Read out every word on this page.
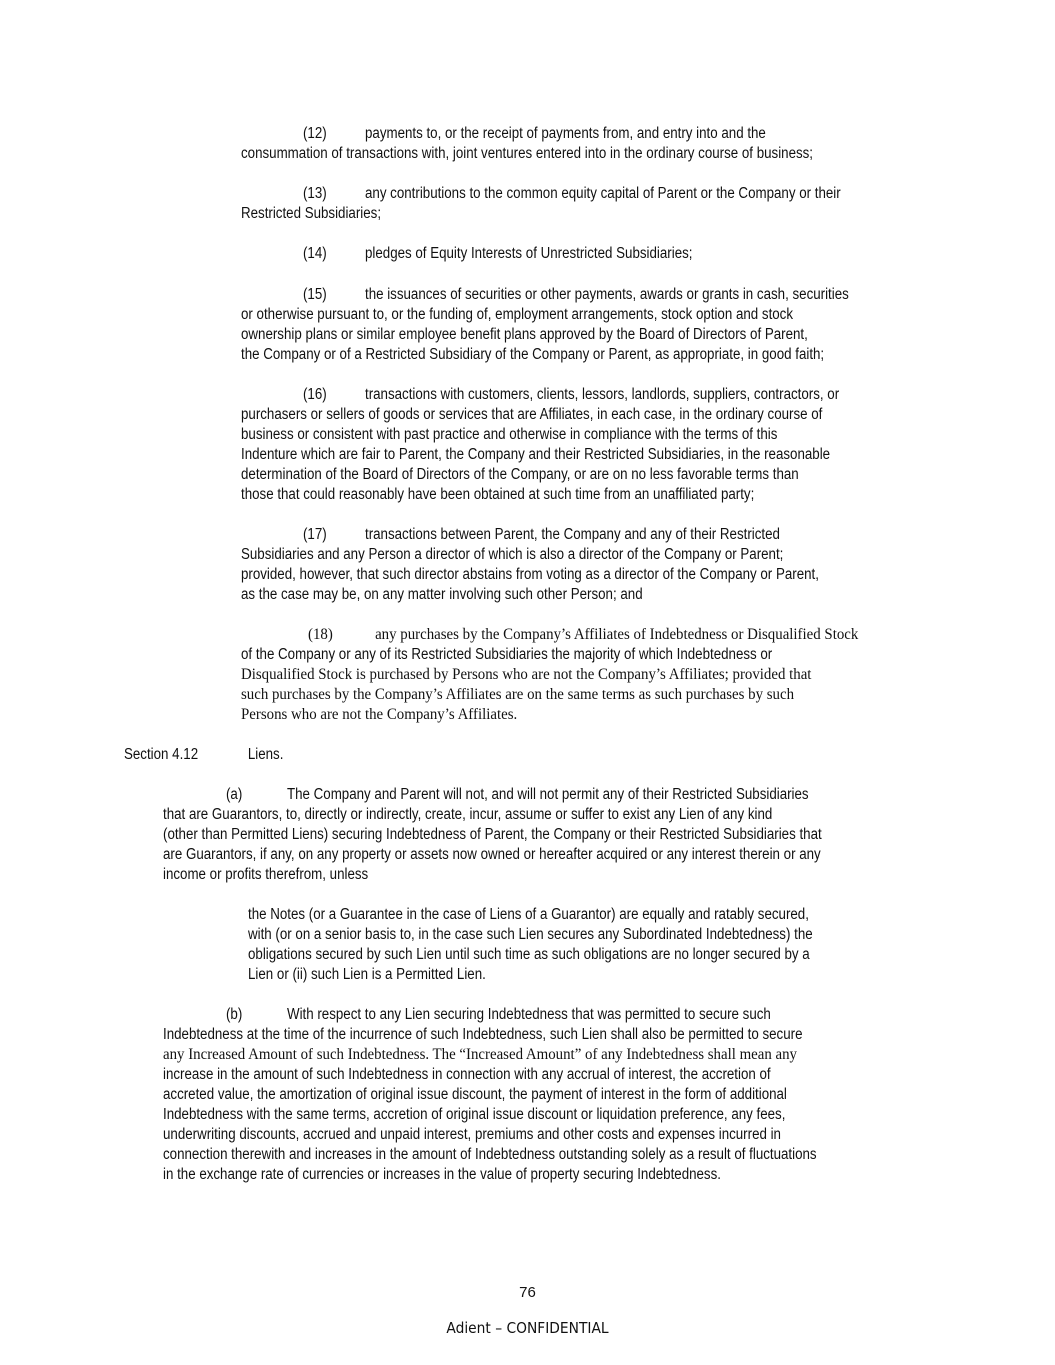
(12) payments to, or the receipt of payments from, and entry into and the
consummation of transactions with, joint ventures entered into in the ordinary course of business;
(13) any contributions to the common equity capital of Parent or the Company or their
Restricted Subsidiaries;
(14) pledges of Equity Interests of Unrestricted Subsidiaries;
(15) the issuances of securities or other payments, awards or grants in cash, securities
or otherwise pursuant to, or the funding of, employment arrangements, stock option and stock
ownership plans or similar employee benefit plans approved by the Board of Directors of Parent,
the Company or of a Restricted Subsidiary of the Company or Parent, as appropriate, in good faith;
(16) transactions with customers, clients, lessors, landlords, suppliers, contractors, or
purchasers or sellers of goods or services that are Affiliates, in each case, in the ordinary course of
business or consistent with past practice and otherwise in compliance with the terms of this
Indenture which are fair to Parent, the Company and their Restricted Subsidiaries, in the reasonable
determination of the Board of Directors of the Company, or are on no less favorable terms than
those that could reasonably have been obtained at such time from an unaffiliated party;
(17) transactions between Parent, the Company and any of their Restricted
Subsidiaries and any Person a director of which is also a director of the Company or Parent;
provided, however, that such director abstains from voting as a director of the Company or Parent,
as the case may be, on any matter involving such other Person; and
(18)	any purchases by the Company’s Affiliates of Indebtedness or Disqualified Stock
of the Company or any of its Restricted Subsidiaries the majority of which Indebtedness or
Disqualified Stock is purchased by Persons who are not the Company’s Affiliates; provided that
such purchases by the Company’s Affiliates are on the same terms as such purchases by such
Persons who are not the Company’s Affiliates.
Section 4.12	Liens.
(a)	The Company and Parent will not, and will not permit any of their Restricted Subsidiaries
that are Guarantors, to, directly or indirectly, create, incur, assume or suffer to exist any Lien of any kind
(other than Permitted Liens) securing Indebtedness of Parent, the Company or their Restricted Subsidiaries that
are Guarantors, if any, on any property or assets now owned or hereafter acquired or any interest therein or any
income or profits therefrom, unless
the Notes (or a Guarantee in the case of Liens of a Guarantor) are equally and ratably secured,
with (or on a senior basis to, in the case such Lien secures any Subordinated Indebtedness) the
obligations secured by such Lien until such time as such obligations are no longer secured by a
Lien or (ii) such Lien is a Permitted Lien.
(b)	With respect to any Lien securing Indebtedness that was permitted to secure such
Indebtedness at the time of the incurrence of such Indebtedness, such Lien shall also be permitted to secure
any Increased Amount of such Indebtedness. The “Increased Amount” of any Indebtedness shall mean any
increase in the amount of such Indebtedness in connection with any accrual of interest, the accretion of
accreted value, the amortization of original issue discount, the payment of interest in the form of additional
Indebtedness with the same terms, accretion of original issue discount or liquidation preference, any fees,
underwriting discounts, accrued and unpaid interest, premiums and other costs and expenses incurred in
connection therewith and increases in the amount of Indebtedness outstanding solely as a result of fluctuations
in the exchange rate of currencies or increases in the value of property securing Indebtedness.
76
Adient – CONFIDENTIAL
